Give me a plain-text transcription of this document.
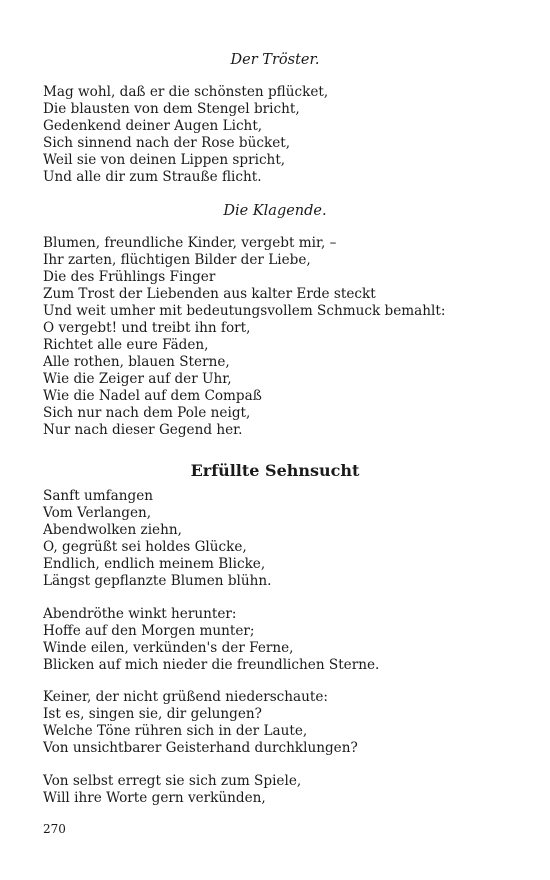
Der Tröster.
Mag wohl, daß er die schönsten pflücket,
Die blausten von dem Stengel bricht,
Gedenkend deiner Augen Licht,
Sich sinnend nach der Rose bücket,
Weil sie von deinen Lippen spricht,
Und alle dir zum Strauße flicht.
Die Klagende.
Blumen, freundliche Kinder, vergebt mir, –
Ihr zarten, flüchtigen Bilder der Liebe,
Die des Frühlings Finger
Zum Trost der Liebenden aus kalter Erde steckt
Und weit umher mit bedeutungsvollem Schmuck bemahlt:
O vergebt! und treibt ihn fort,
Richtet alle eure Fäden,
Alle rothen, blauen Sterne,
Wie die Zeiger auf der Uhr,
Wie die Nadel auf dem Compaß
Sich nur nach dem Pole neigt,
Nur nach dieser Gegend her.
Erfüllte Sehnsucht
Sanft umfangen
Vom Verlangen,
Abendwolken ziehn,
O, gegrüßt sei holdes Glücke,
Endlich, endlich meinem Blicke,
Längst gepflanzte Blumen blühn.
Abendröthe winkt herunter:
Hoffe auf den Morgen munter;
Winde eilen, verkünden's der Ferne,
Blicken auf mich nieder die freundlichen Sterne.
Keiner, der nicht grüßend niederschaute:
Ist es, singen sie, dir gelungen?
Welche Töne rühren sich in der Laute,
Von unsichtbarer Geisterhand durchklungen?
Von selbst erregt sie sich zum Spiele,
Will ihre Worte gern verkünden,
270
